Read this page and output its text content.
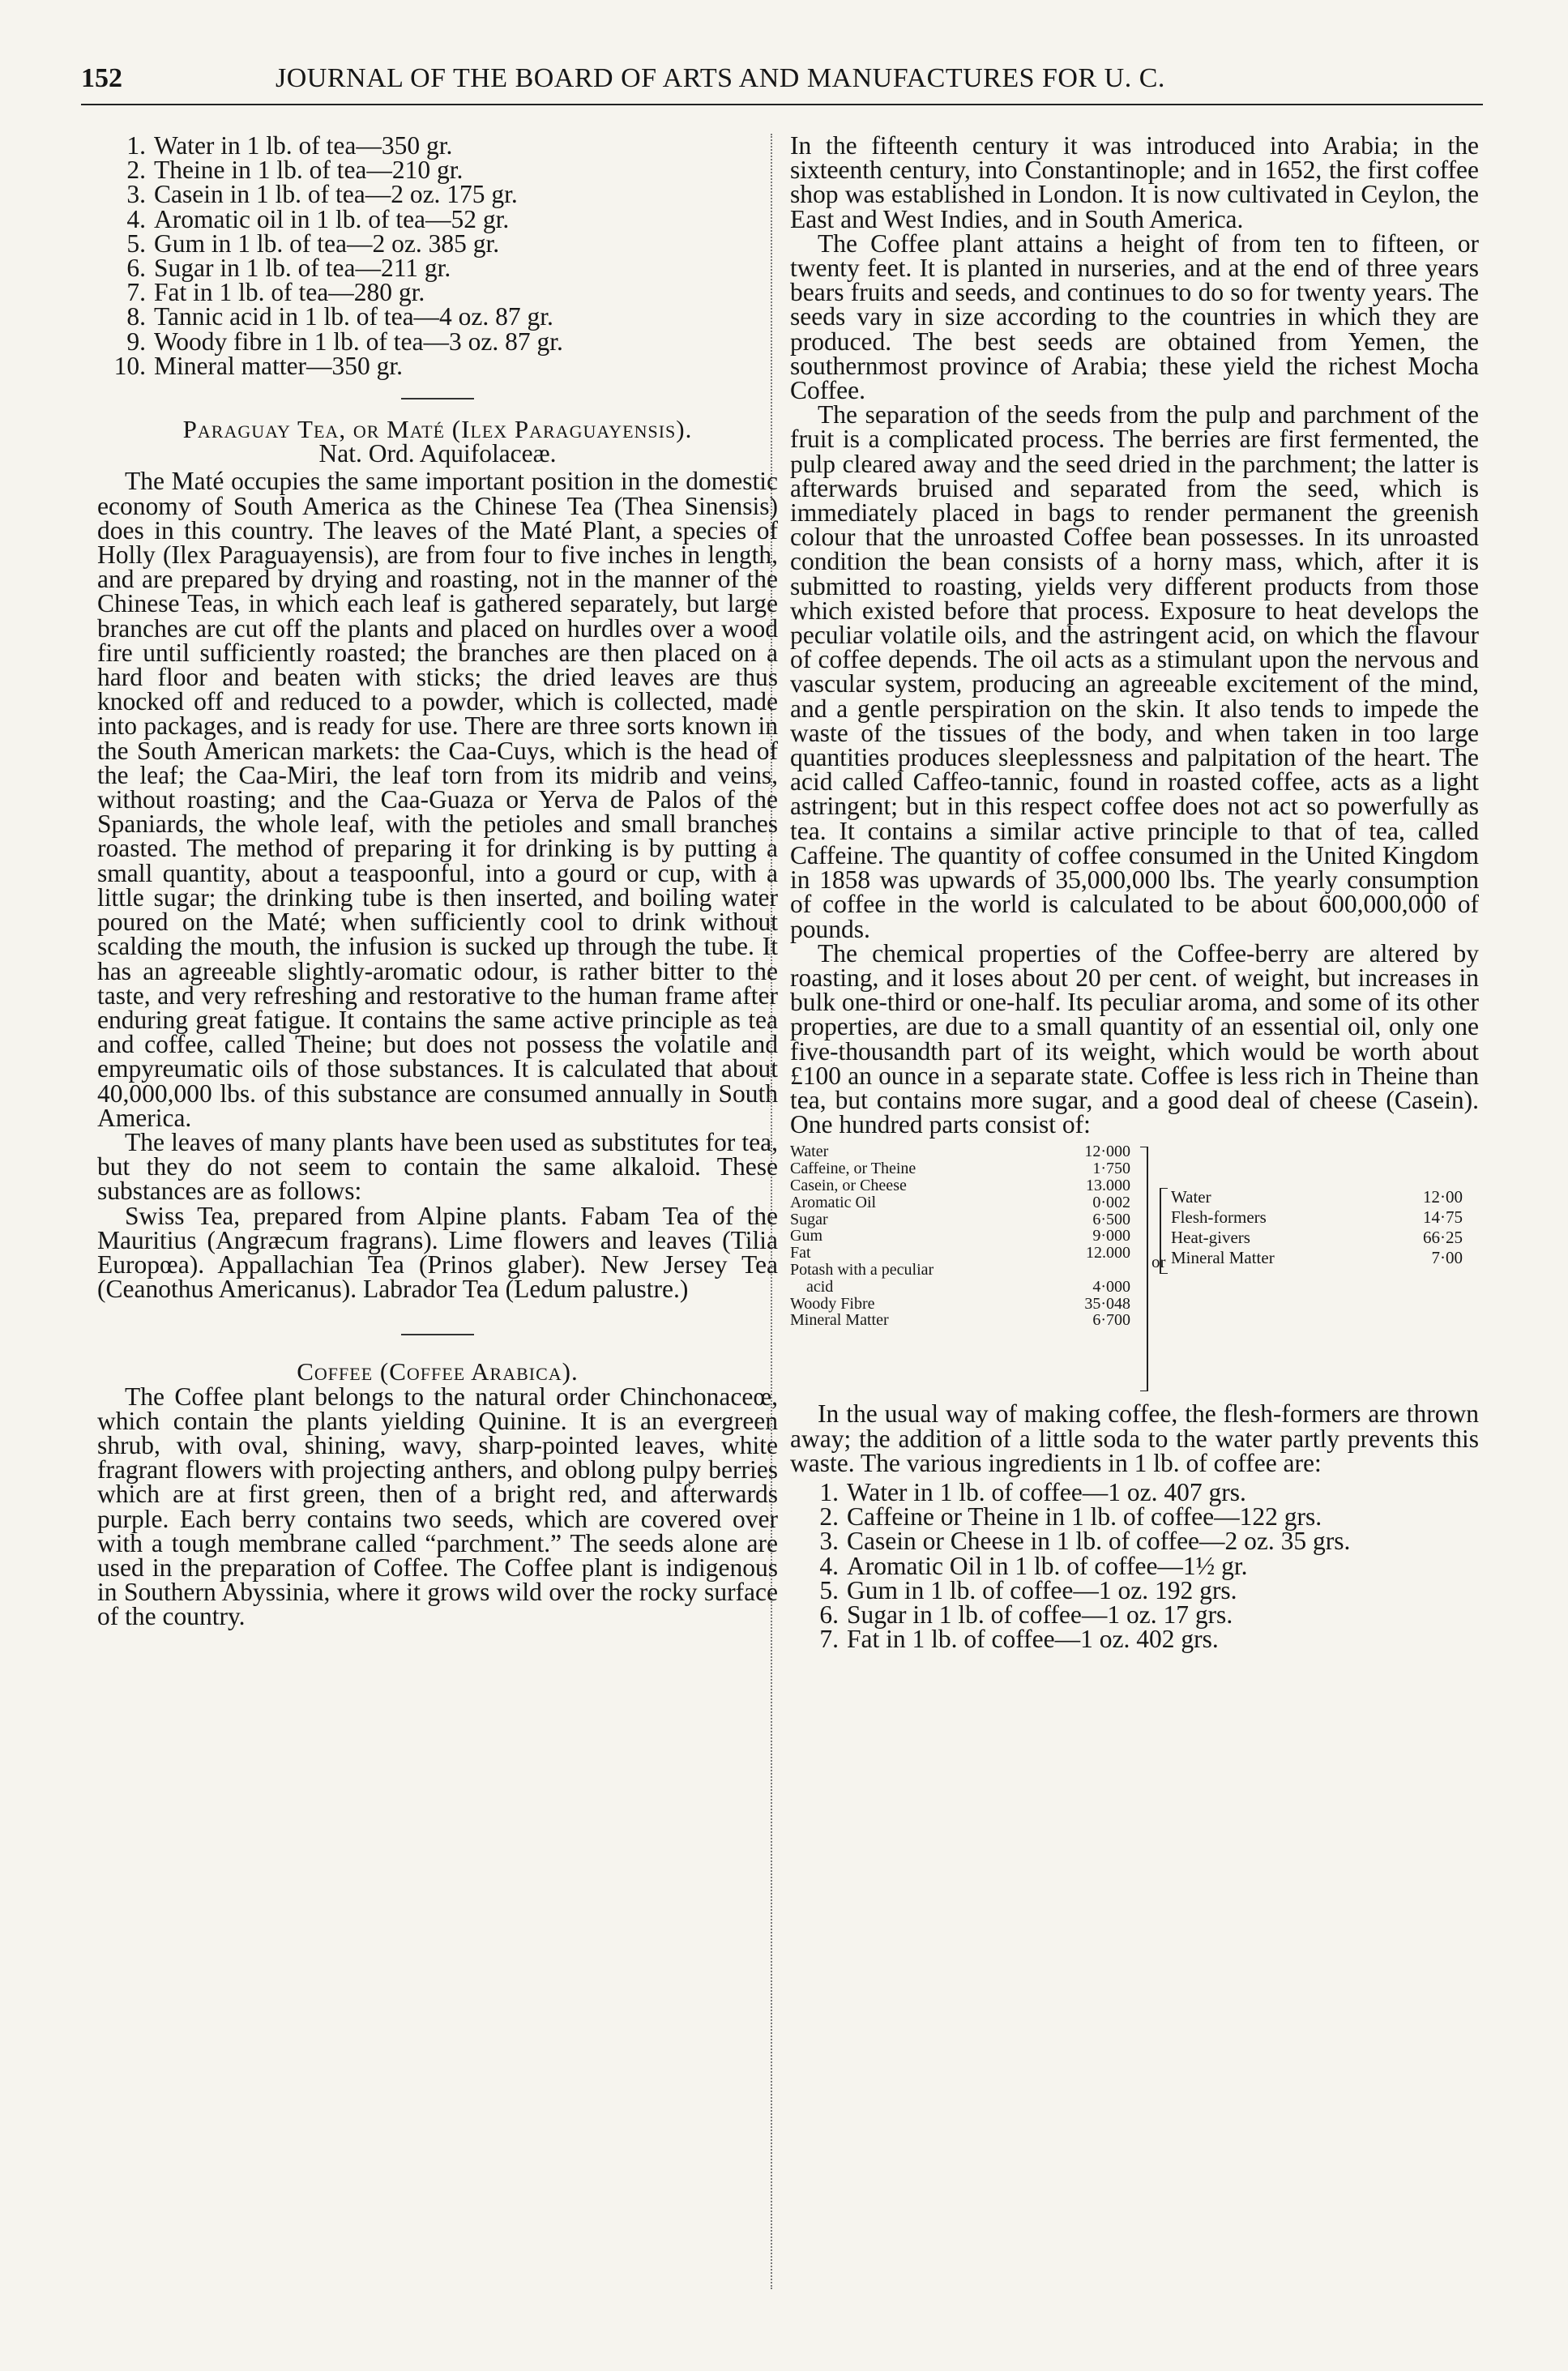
152	JOURNAL OF THE BOARD OF ARTS AND MANUFACTURES FOR U. C.
1. Water in 1 lb. of tea—350 gr.
2. Theine in 1 lb. of tea—210 gr.
3. Casein in 1 lb. of tea—2 oz. 175 gr.
4. Aromatic oil in 1 lb. of tea—52 gr.
5. Gum in 1 lb. of tea—2 oz. 385 gr.
6. Sugar in 1 lb. of tea—211 gr.
7. Fat in 1 lb. of tea—280 gr.
8. Tannic acid in 1 lb. of tea—4 oz. 87 gr.
9. Woody fibre in 1 lb. of tea—3 oz. 87 gr.
10. Mineral matter—350 gr.
Paraguay Tea, or Maté (Ilex Paraguayensis).
Nat. Ord. Aquifolaceæ.

The Maté occupies the same important position in the domestic economy of South America as the Chinese Tea (Thea Sinensis) does in this country. The leaves of the Maté Plant, a species of Holly (Ilex Paraguayensis), are from four to five inches in length, and are prepared by drying and roasting, not in the manner of the Chinese Teas, in which each leaf is gathered separately, but large branches are cut off the plants and placed on hurdles over a wood fire until sufficiently roasted; the branches are then placed on a hard floor and beaten with sticks; the dried leaves are thus knocked off and reduced to a powder, which is collected, made into packages, and is ready for use. There are three sorts known in the South American markets: the Caa-Cuys, which is the head of the leaf; the Caa-Miri, the leaf torn from its midrib and veins, without roasting; and the Caa-Guaza or Yerva de Palos of the Spaniards, the whole leaf, with the petioles and small branches roasted. The method of preparing it for drinking is by putting a small quantity, about a teaspoonful, into a gourd or cup, with a little sugar; the drinking tube is then inserted, and boiling water poured on the Maté; when sufficiently cool to drink without scalding the mouth, the infusion is sucked up through the tube. It has an agreeable slightly-aromatic odour, is rather bitter to the taste, and very refreshing and restorative to the human frame after enduring great fatigue. It contains the same active principle as tea and coffee, called Theine; but does not possess the volatile and empyreumatic oils of those substances. It is calculated that about 40,000,000 lbs. of this substance are consumed annually in South America.

The leaves of many plants have been used as substitutes for tea, but they do not seem to contain the same alkaloid. These substances are as follows:

Swiss Tea, prepared from Alpine plants. Fabam Tea of the Mauritius (Angræcum fragrans). Lime flowers and leaves (Tilia Europœa). Appallachian Tea (Prinos glaber). New Jersey Tea (Ceanothus Americanus). Labrador Tea (Ledum palustre.)

Coffee (Coffee Arabica).

The Coffee plant belongs to the natural order Chinchonaceœ, which contain the plants yielding Quinine. It is an evergreen shrub, with oval, shining, wavy, sharp-pointed leaves, white fragrant flowers with projecting anthers, and oblong pulpy berries which are at first green, then of a bright red, and afterwards purple. Each berry contains two seeds, which are covered over with a tough membrane called “parchment.” The seeds alone are used in the preparation of Coffee. The Coffee plant is indigenous in Southern Abyssinia, where it grows wild over the rocky surface of the country.

In the fifteenth century it was introduced into Arabia; in the sixteenth century, into Constantinople; and in 1652, the first coffee shop was established in London. It is now cultivated in Ceylon, the East and West Indies, and in South America.

The Coffee plant attains a height of from ten to fifteen, or twenty feet. It is planted in nurseries, and at the end of three years bears fruits and seeds, and continues to do so for twenty years. The seeds vary in size according to the countries in which they are produced. The best seeds are obtained from Yemen, the southernmost province of Arabia; these yield the richest Mocha Coffee.

The separation of the seeds from the pulp and parchment of the fruit is a complicated process. The berries are first fermented, the pulp cleared away and the seed dried in the parchment; the latter is afterwards bruised and separated from the seed, which is immediately placed in bags to render permanent the greenish colour that the unroasted Coffee bean possesses. In its unroasted condition the bean consists of a horny mass, which, after it is submitted to roasting, yields very different products from those which existed before that process. Exposure to heat develops the peculiar volatile oils, and the astringent acid, on which the flavour of coffee depends. The oil acts as a stimulant upon the nervous and vascular system, producing an agreeable excitement of the mind, and a gentle perspiration on the skin. It also tends to impede the waste of the tissues of the body, and when taken in too large quantities produces sleeplessness and palpitation of the heart. The acid called Caffeo-tannic, found in roasted coffee, acts as a light astringent; but in this respect coffee does not act so powerfully as tea. It contains a similar active principle to that of tea, called Caffeine. The quantity of coffee consumed in the United Kingdom in 1858 was upwards of 35,000,000 lbs. The yearly consumption of coffee in the world is calculated to be about 600,000,000 of pounds.

The chemical properties of the Coffee-berry are altered by roasting, and it loses about 20 per cent. of weight, but increases in bulk one-third or one-half. Its peculiar aroma, and some of its other properties, are due to a small quantity of an essential oil, only one five-thousandth part of its weight, which would be worth about £100 an ounce in a separate state. Coffee is less rich in Theine than tea, but contains more sugar, and a good deal of cheese (Casein). One hundred parts consist of:

Water	12·000
Caffeine, or Theine	1·750
Casein, or Cheese	13.000
Aromatic Oil	0·002
Sugar	6·500
Gum	9·000
Fat	12.000
Potash with a peculiar
acid	4·000
Woody Fibre	35·048
Mineral Matter	6·700
or
Water	12·00
Flesh-formers	14·75
Heat-givers	66·25
Mineral Matter	7·00

In the usual way of making coffee, the flesh-formers are thrown away; the addition of a little soda to the water partly prevents this waste. The various ingredients in 1 lb. of coffee are:

1. Water in 1 lb. of coffee—1 oz. 407 grs.
2. Caffeine or Theine in 1 lb. of coffee—122 grs.
3. Casein or Cheese in 1 lb. of coffee—2 oz. 35 grs.
4. Aromatic Oil in 1 lb. of coffee—1½ gr.
5. Gum in 1 lb. of coffee—1 oz. 192 grs.
6. Sugar in 1 lb. of coffee—1 oz. 17 grs.
7. Fat in 1 lb. of coffee—1 oz. 402 grs.
